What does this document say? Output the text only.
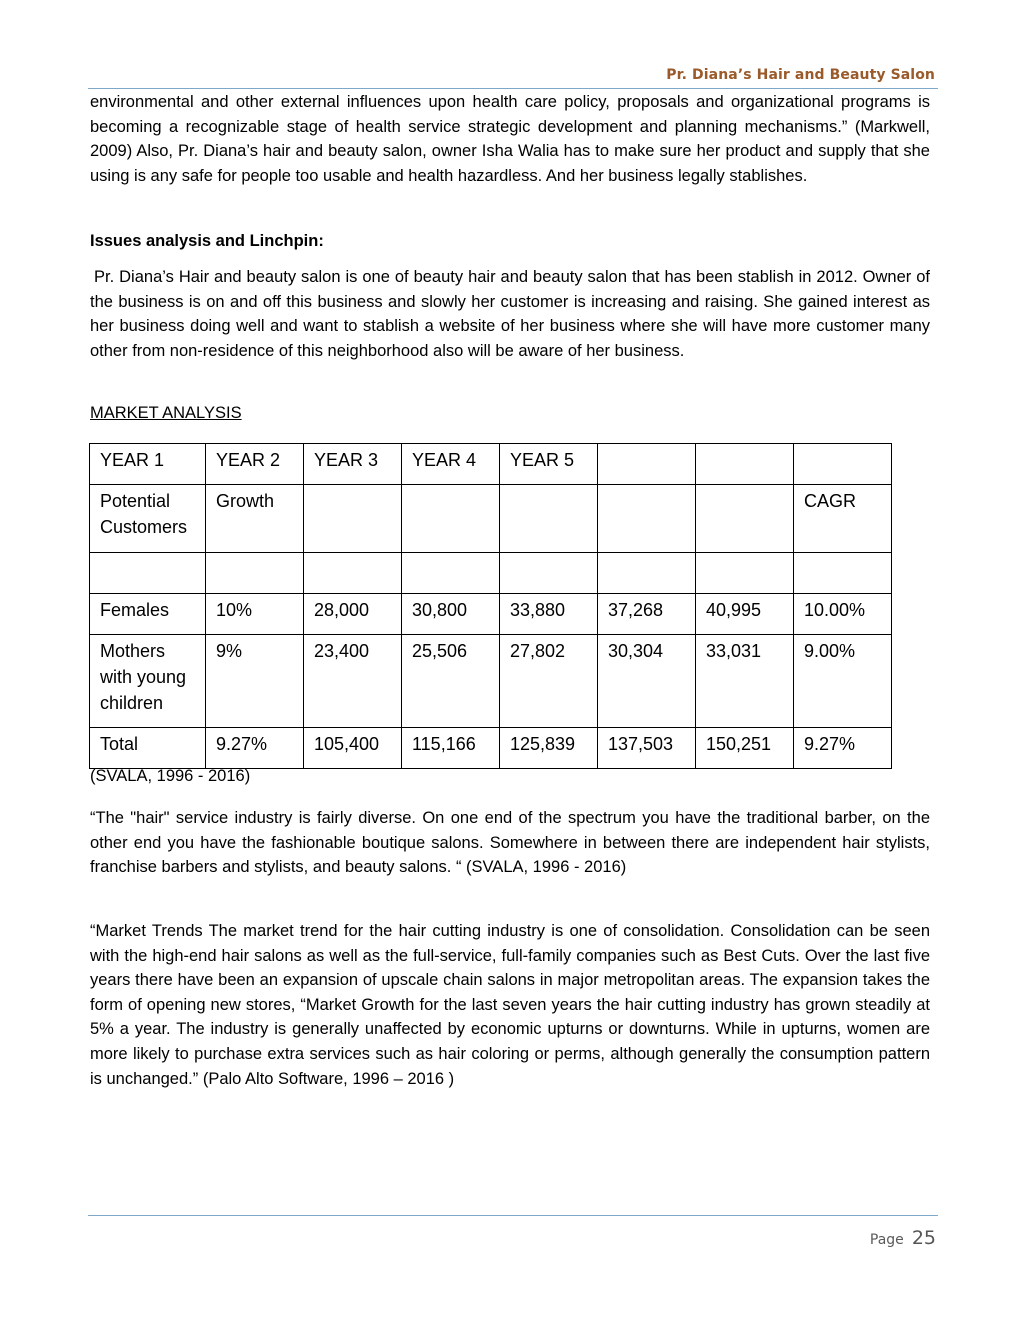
Pr. Diana’s Hair and Beauty Salon

environmental and other external influences upon health care policy, proposals and organizational programs is becoming a recognizable stage of health service strategic development and planning mechanisms.” (Markwell, 2009) Also, Pr. Diana’s hair and beauty salon, owner Isha Walia has to make sure her product and supply that she using is any safe for people too usable and health hazardless. And her business legally stablishes.

Issues analysis and Linchpin:

Pr. Diana’s Hair and beauty salon is one of beauty hair and beauty salon that has been stablish in 2012. Owner of the business is on and off this business and slowly her customer is increasing and raising. She gained interest as her business doing well and want to stablish a website of her business where she will have more customer many other from non-residence of this neighborhood also will be aware of her business.

MARKET ANALYSIS

YEAR 1	YEAR 2	YEAR 3	YEAR 4	YEAR 5			
Potential Customers	Growth						CAGR

Females	10%	28,000	30,800	33,880	37,268	40,995	10.00%
Mothers with young children	9%	23,400	25,506	27,802	30,304	33,031	9.00%
Total	9.27%	105,400	115,166	125,839	137,503	150,251	9.27%

(SVALA, 1996 - 2016)

“The "hair" service industry is fairly diverse. On one end of the spectrum you have the traditional barber, on the other end you have the fashionable boutique salons. Somewhere in between there are independent hair stylists, franchise barbers and stylists, and beauty salons. “ (SVALA, 1996 - 2016)

“Market Trends The market trend for the hair cutting industry is one of consolidation. Consolidation can be seen with the high-end hair salons as well as the full-service, full-family companies such as Best Cuts. Over the last five years there have been an expansion of upscale chain salons in major metropolitan areas. The expansion takes the form of opening new stores, “Market Growth for the last seven years the hair cutting industry has grown steadily at 5% a year. The industry is generally unaffected by economic upturns or downturns. While in upturns, women are more likely to purchase extra services such as hair coloring or perms, although generally the consumption pattern is unchanged.” (Palo Alto Software, 1996 – 2016 )

Page 25
